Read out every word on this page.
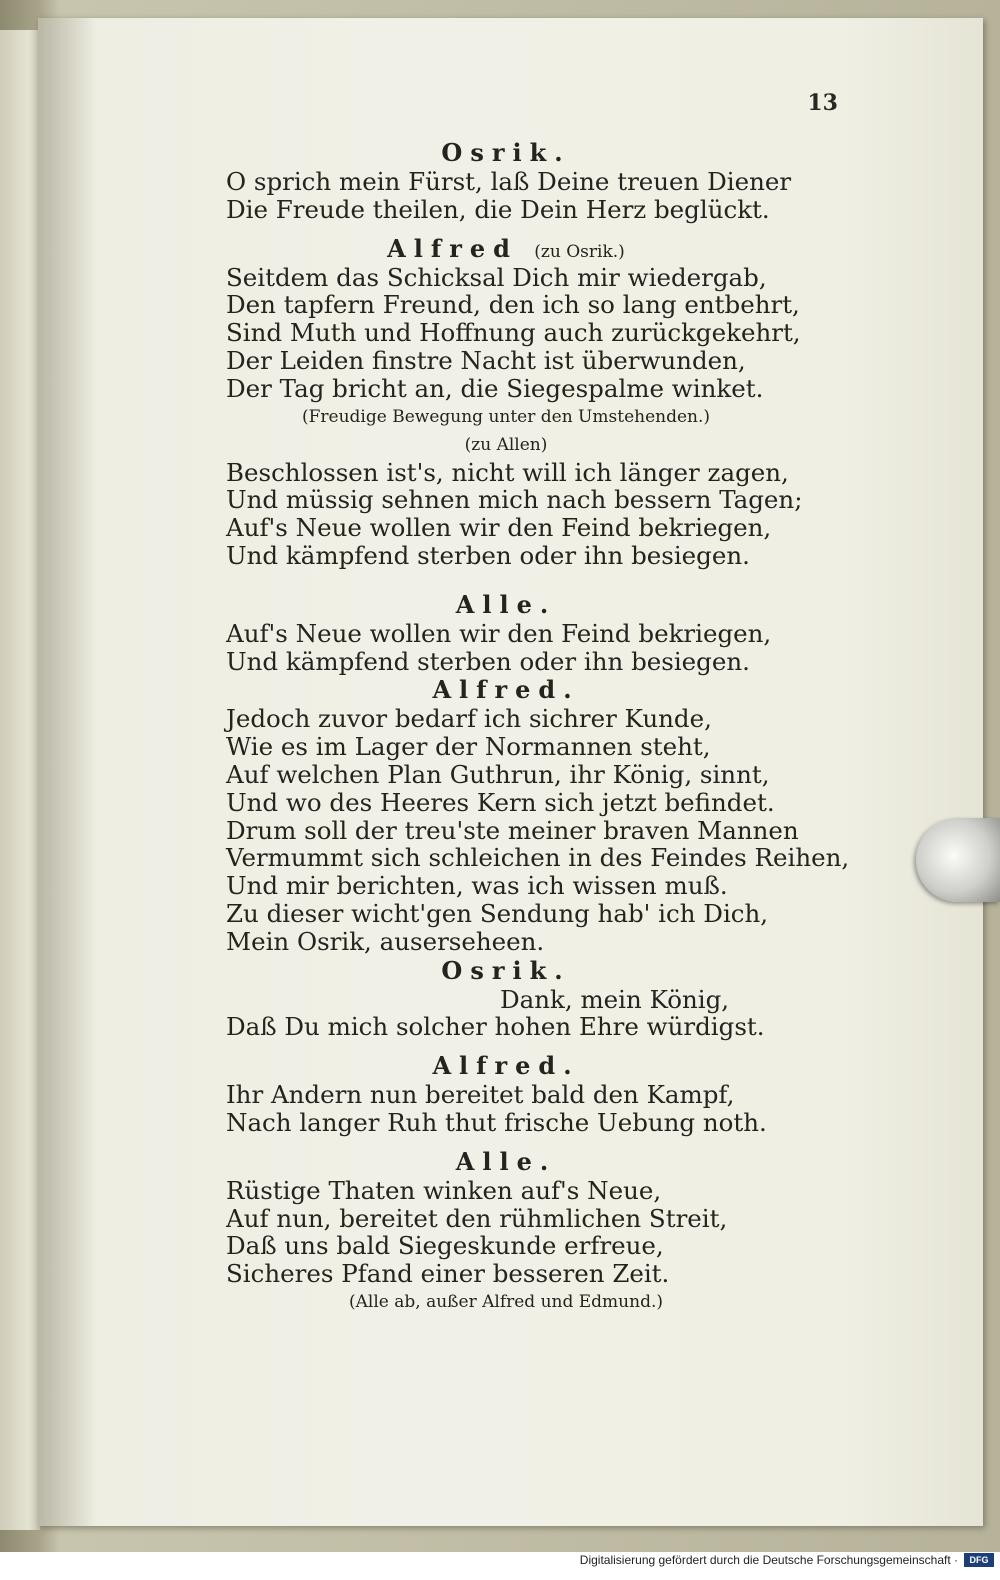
13
Osrik.
O sprich mein Fürst, laß Deine treuen Diener
Die Freude theilen, die Dein Herz beglückt.
Alfred (zu Osrik.)
Seitdem das Schicksal Dich mir wiedergab,
Den tapfern Freund, den ich so lang entbehrt,
Sind Muth und Hoffnung auch zurückgekehrt,
Der Leiden finstre Nacht ist überwunden,
Der Tag bricht an, die Siegespalme winket.
(Freudige Bewegung unter den Umstehenden.)
(zu Allen)
Beschlossen ist's, nicht will ich länger zagen,
Und müssig sehnen mich nach bessern Tagen;
Auf's Neue wollen wir den Feind bekriegen,
Und kämpfend sterben oder ihn besiegen.
Alle.
Auf's Neue wollen wir den Feind bekriegen,
Und kämpfend sterben oder ihn besiegen.
Alfred.
Jedoch zuvor bedarf ich sichrer Kunde,
Wie es im Lager der Normannen steht,
Auf welchen Plan Guthrun, ihr König, sinnt,
Und wo des Heeres Kern sich jetzt befindet.
Drum soll der treu'ste meiner braven Mannen
Vermummt sich schleichen in des Feindes Reihen,
Und mir berichten, was ich wissen muß.
Zu dieser wicht'gen Sendung hab' ich Dich,
Mein Osrik, auserseheen.
Osrik.
Dank, mein König,
Daß Du mich solcher hohen Ehre würdigst.
Alfred.
Ihr Andern nun bereitet bald den Kampf,
Nach langer Ruh thut frische Uebung noth.
Alle.
Rüstige Thaten winken auf's Neue,
Auf nun, bereitet den rühmlichen Streit,
Daß uns bald Siegeskunde erfreue,
Sicheres Pfand einer besseren Zeit.
(Alle ab, außer Alfred und Edmund.)
Digitalisierung gefördert durch die Deutsche Forschungsgemeinschaft ·	DFG
